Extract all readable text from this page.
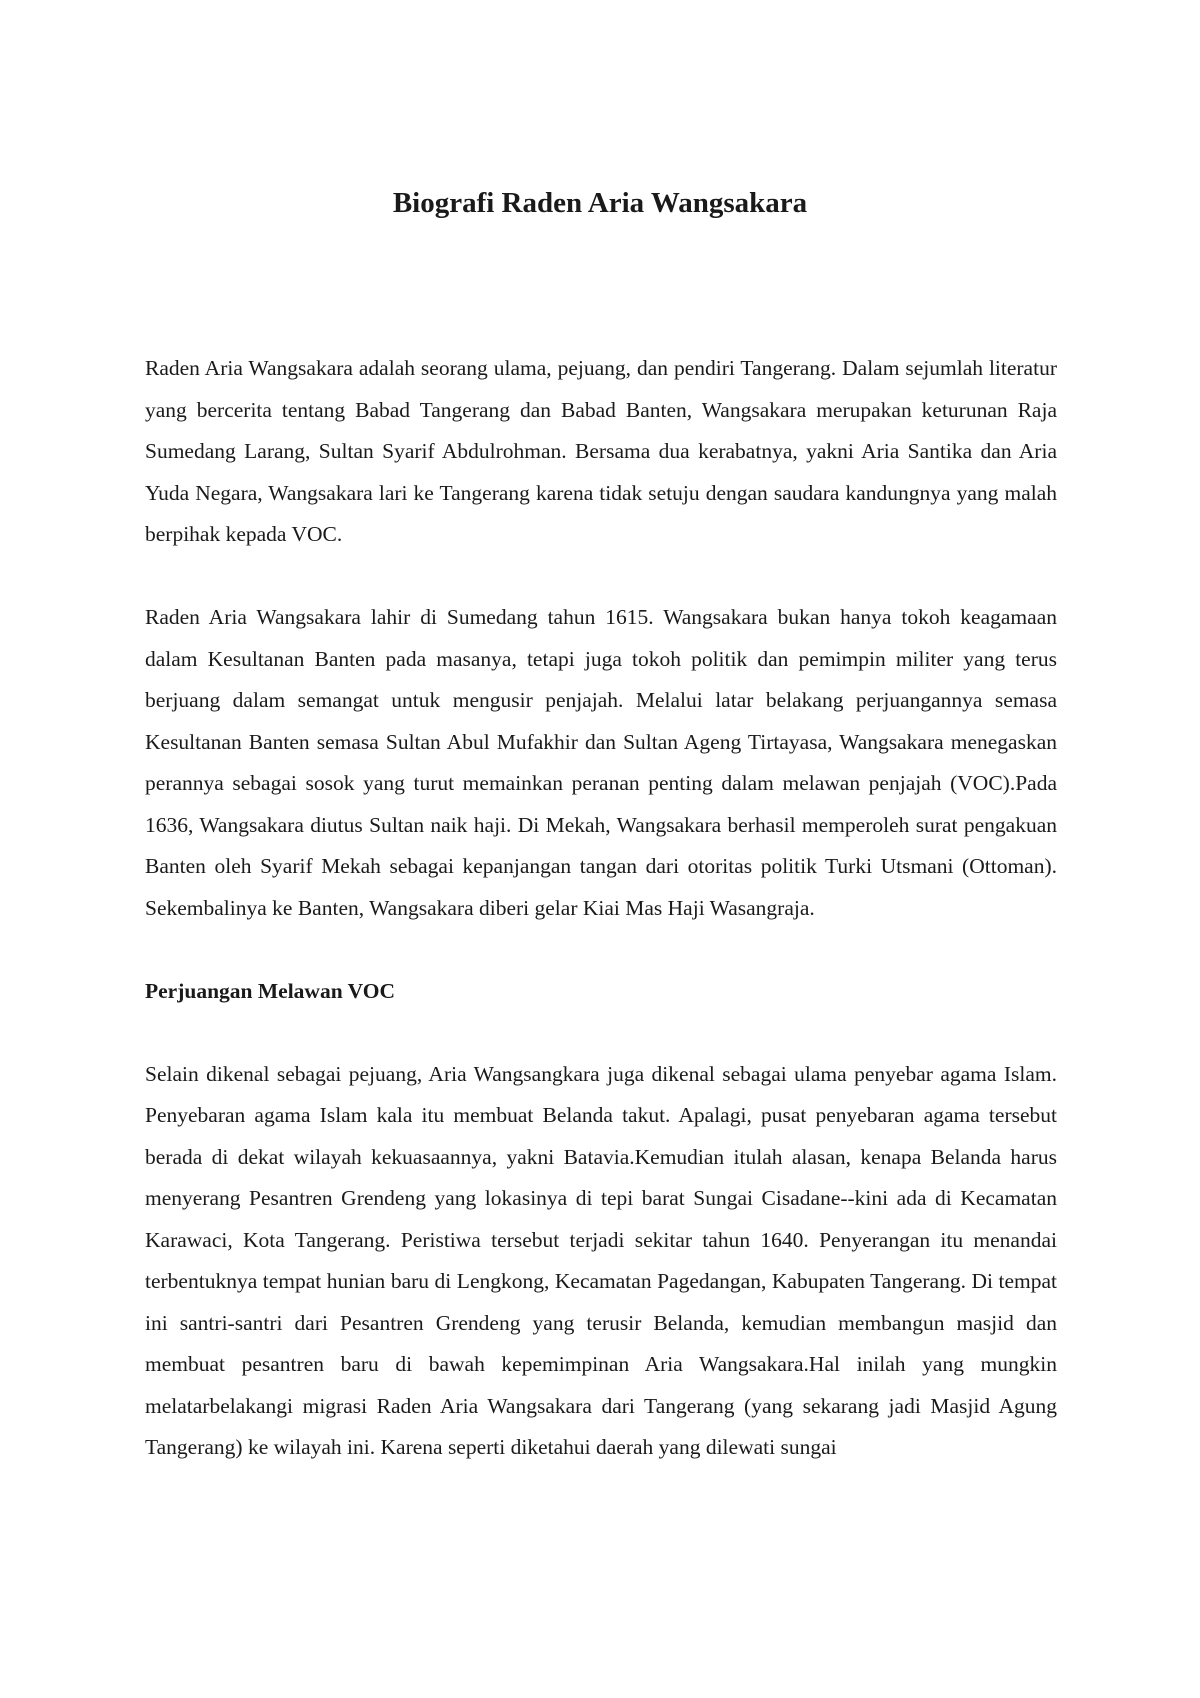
Biografi Raden Aria Wangsakara

Raden Aria Wangsakara adalah seorang ulama, pejuang, dan pendiri Tangerang. Dalam sejumlah literatur yang bercerita tentang Babad Tangerang dan Babad Banten, Wangsakara merupakan keturunan Raja Sumedang Larang, Sultan Syarif Abdulrohman. Bersama dua kerabatnya, yakni Aria Santika dan Aria Yuda Negara, Wangsakara lari ke Tangerang karena tidak setuju dengan saudara kandungnya yang malah berpihak kepada VOC.

Raden Aria Wangsakara lahir di Sumedang tahun 1615. Wangsakara bukan hanya tokoh keagamaan dalam Kesultanan Banten pada masanya, tetapi juga tokoh politik dan pemimpin militer yang terus berjuang dalam semangat untuk mengusir penjajah. Melalui latar belakang perjuangannya semasa Kesultanan Banten semasa Sultan Abul Mufakhir dan Sultan Ageng Tirtayasa, Wangsakara menegaskan perannya sebagai sosok yang turut memainkan peranan penting dalam melawan penjajah (VOC).Pada 1636, Wangsakara diutus Sultan naik haji. Di Mekah, Wangsakara berhasil memperoleh surat pengakuan Banten oleh Syarif Mekah sebagai kepanjangan tangan dari otoritas politik Turki Utsmani (Ottoman). Sekembalinya ke Banten, Wangsakara diberi gelar Kiai Mas Haji Wasangraja.

Perjuangan Melawan VOC

Selain dikenal sebagai pejuang, Aria Wangsangkara juga dikenal sebagai ulama penyebar agama Islam. Penyebaran agama Islam kala itu membuat Belanda takut. Apalagi, pusat penyebaran agama tersebut berada di dekat wilayah kekuasaannya, yakni Batavia.Kemudian itulah alasan, kenapa Belanda harus menyerang Pesantren Grendeng yang lokasinya di tepi barat Sungai Cisadane--kini ada di Kecamatan Karawaci, Kota Tangerang. Peristiwa tersebut terjadi sekitar tahun 1640. Penyerangan itu menandai terbentuknya tempat hunian baru di Lengkong, Kecamatan Pagedangan, Kabupaten Tangerang. Di tempat ini santri-santri dari Pesantren Grendeng yang terusir Belanda, kemudian membangun masjid dan membuat pesantren baru di bawah kepemimpinan Aria Wangsakara.Hal inilah yang mungkin melatarbelakangi migrasi Raden Aria Wangsakara dari Tangerang (yang sekarang jadi Masjid Agung Tangerang) ke wilayah ini. Karena seperti diketahui daerah yang dilewati sungai
